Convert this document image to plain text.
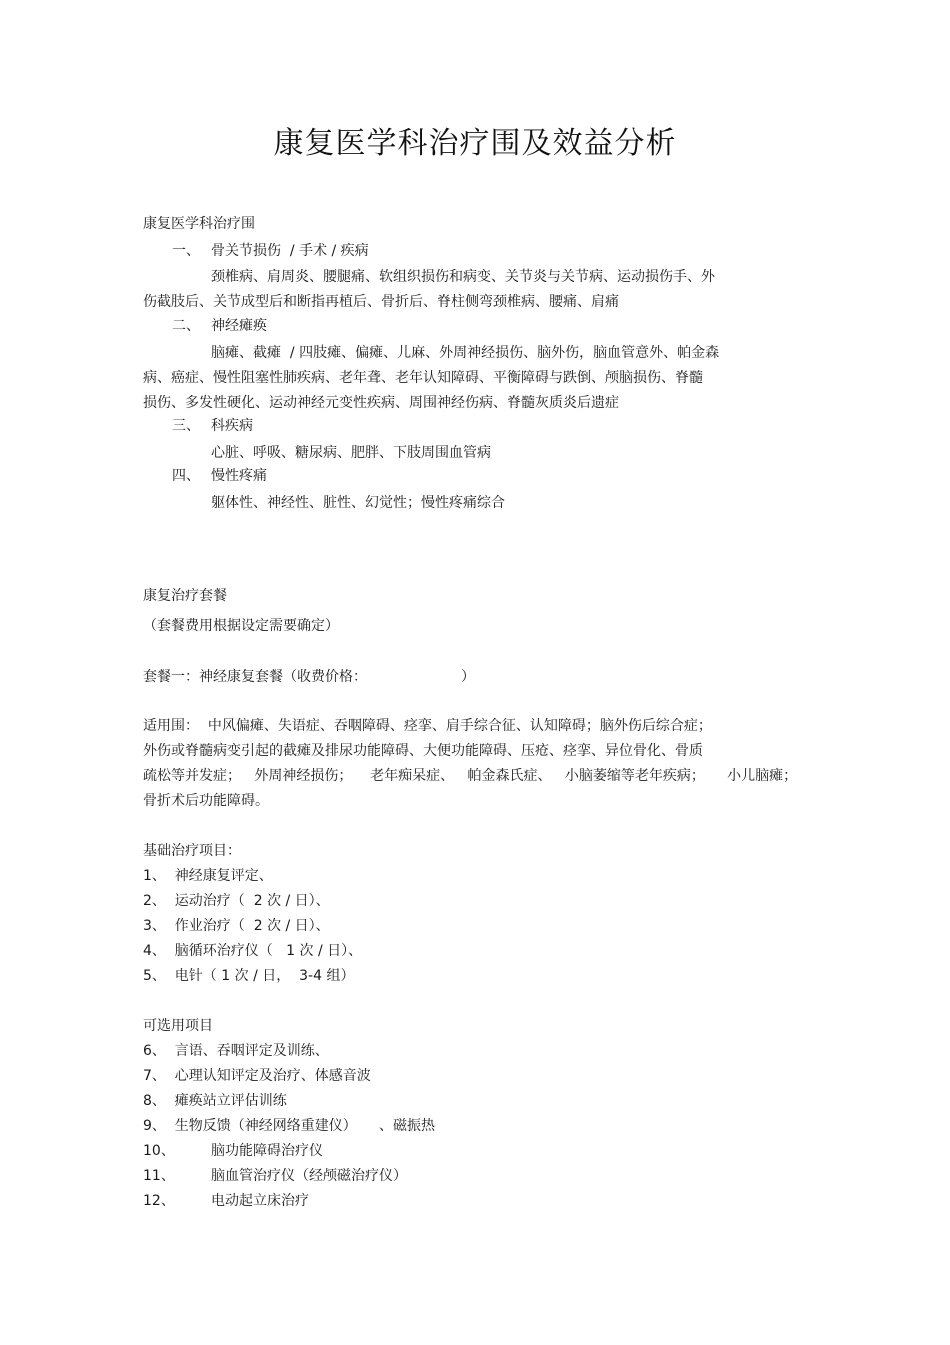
康复医学科治疗围及效益分析
康复医学科治疗围
一、 骨关节损伤  / 手术 / 疾病
颈椎病、肩周炎、腰腿痛、软组织损伤和病变、关节炎与关节病、运动损伤手、外
伤截肢后、关节成型后和断指再植后、骨折后、脊柱侧弯颈椎病、腰痛、肩痛
二、 神经瘫痪
脑瘫、截瘫  / 四肢瘫、偏瘫、儿麻、外周神经损伤、脑外伤，脑血管意外、帕金森
病、癌症、慢性阻塞性肺疾病、老年聋、老年认知障碍、平衡障碍与跌倒、颅脑损伤、脊髓
损伤、多发性硬化、运动神经元变性疾病、周围神经伤病、脊髓灰质炎后遗症
三、 科疾病
心脏、呼吸、糖尿病、肥胖、下肢周围血管病
四、 慢性疼痛
躯体性、神经性、脏性、幻觉性；慢性疼痛综合
康复治疗套餐
（套餐费用根据设定需要确定）
套餐一：神经康复套餐（收费价格：	）
适用围：  中风偏瘫、失语症、吞咽障碍、痉挛、肩手综合征、认知障碍；脑外伤后综合症；
外伤或脊髓病变引起的截瘫及排尿功能障碍、大便功能障碍、压疮、痉挛、异位骨化、骨质
疏松等并发症；   外周神经损伤；    老年痴呆症、   帕金森氏症、   小脑萎缩等老年疾病；     小儿脑瘫；
骨折术后功能障碍。
基础治疗项目：
1、  神经康复评定、
2、  运动治疗（  2 次 / 日）、
3、  作业治疗（  2 次 / 日）、
4、  脑循环治疗仪（   1 次 / 日）、
5、  电针（ 1 次 / 日，  3-4 组）
可选用项目
6、  言语、吞咽评定及训练、
7、  心理认知评定及治疗、体感音波
8、  瘫痪站立评估训练
9、  生物反馈（神经网络重建仪）     、磁振热
10、	脑功能障碍治疗仪
11、	脑血管治疗仪（经颅磁治疗仪）
12、	电动起立床治疗
